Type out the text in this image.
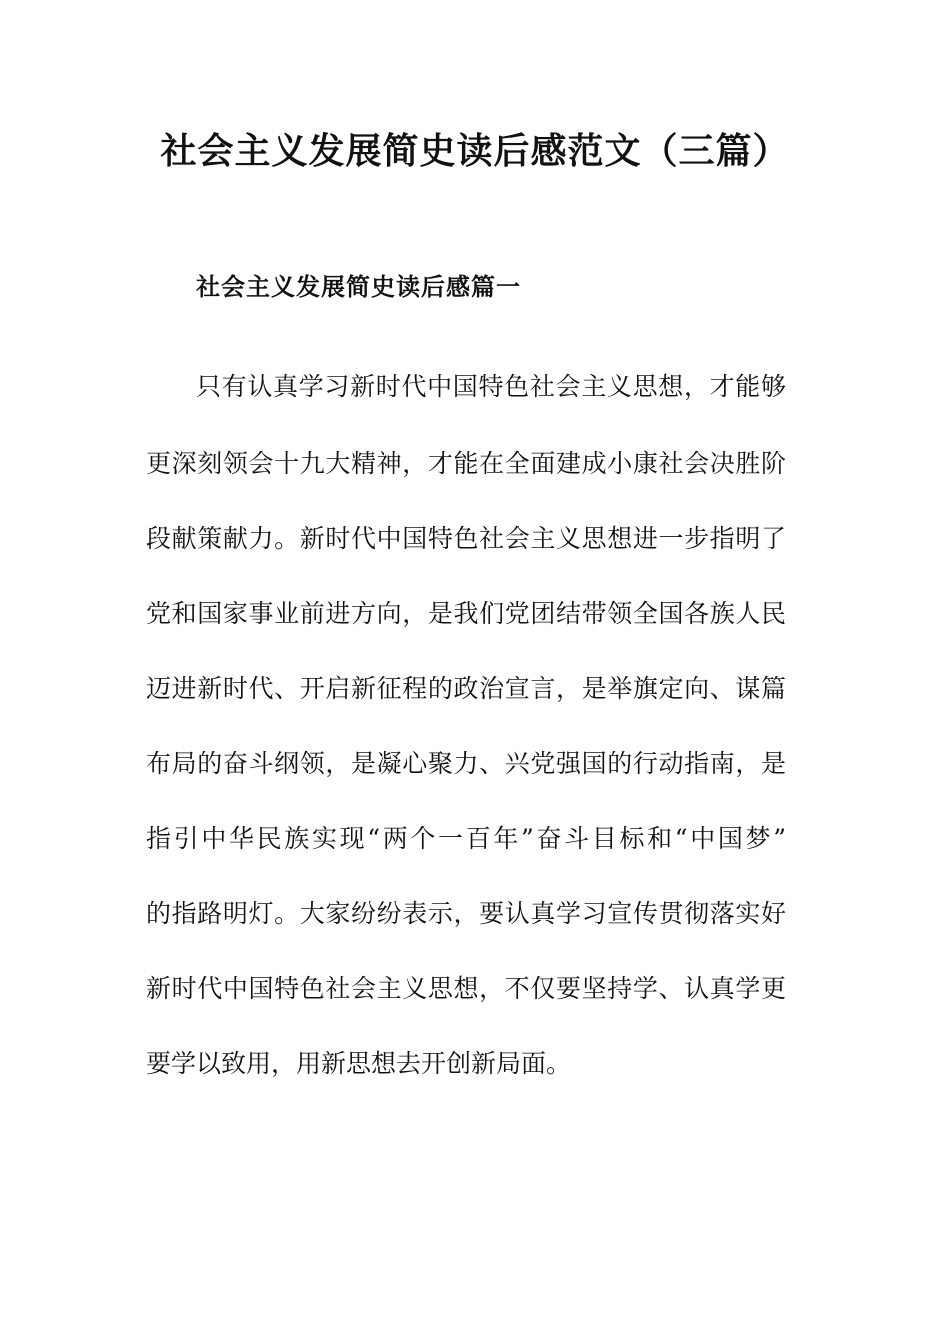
社会主义发展简史读后感范文（三篇）
社会主义发展简史读后感篇一

只有认真学习新时代中国特色社会主义思想，才能够

更深刻领会十九大精神，才能在全面建成小康社会决胜阶

段献策献力。新时代中国特色社会主义思想进一步指明了

党和国家事业前进方向，是我们党团结带领全国各族人民

迈进新时代、开启新征程的政治宣言，是举旗定向、谋篇

布局的奋斗纲领，是凝心聚力、兴党强国的行动指南，是

指引中华民族实现“两个一百年”奋斗目标和“中国梦”

的指路明灯。大家纷纷表示，要认真学习宣传贯彻落实好

新时代中国特色社会主义思想，不仅要坚持学、认真学更

要学以致用，用新思想去开创新局面。
